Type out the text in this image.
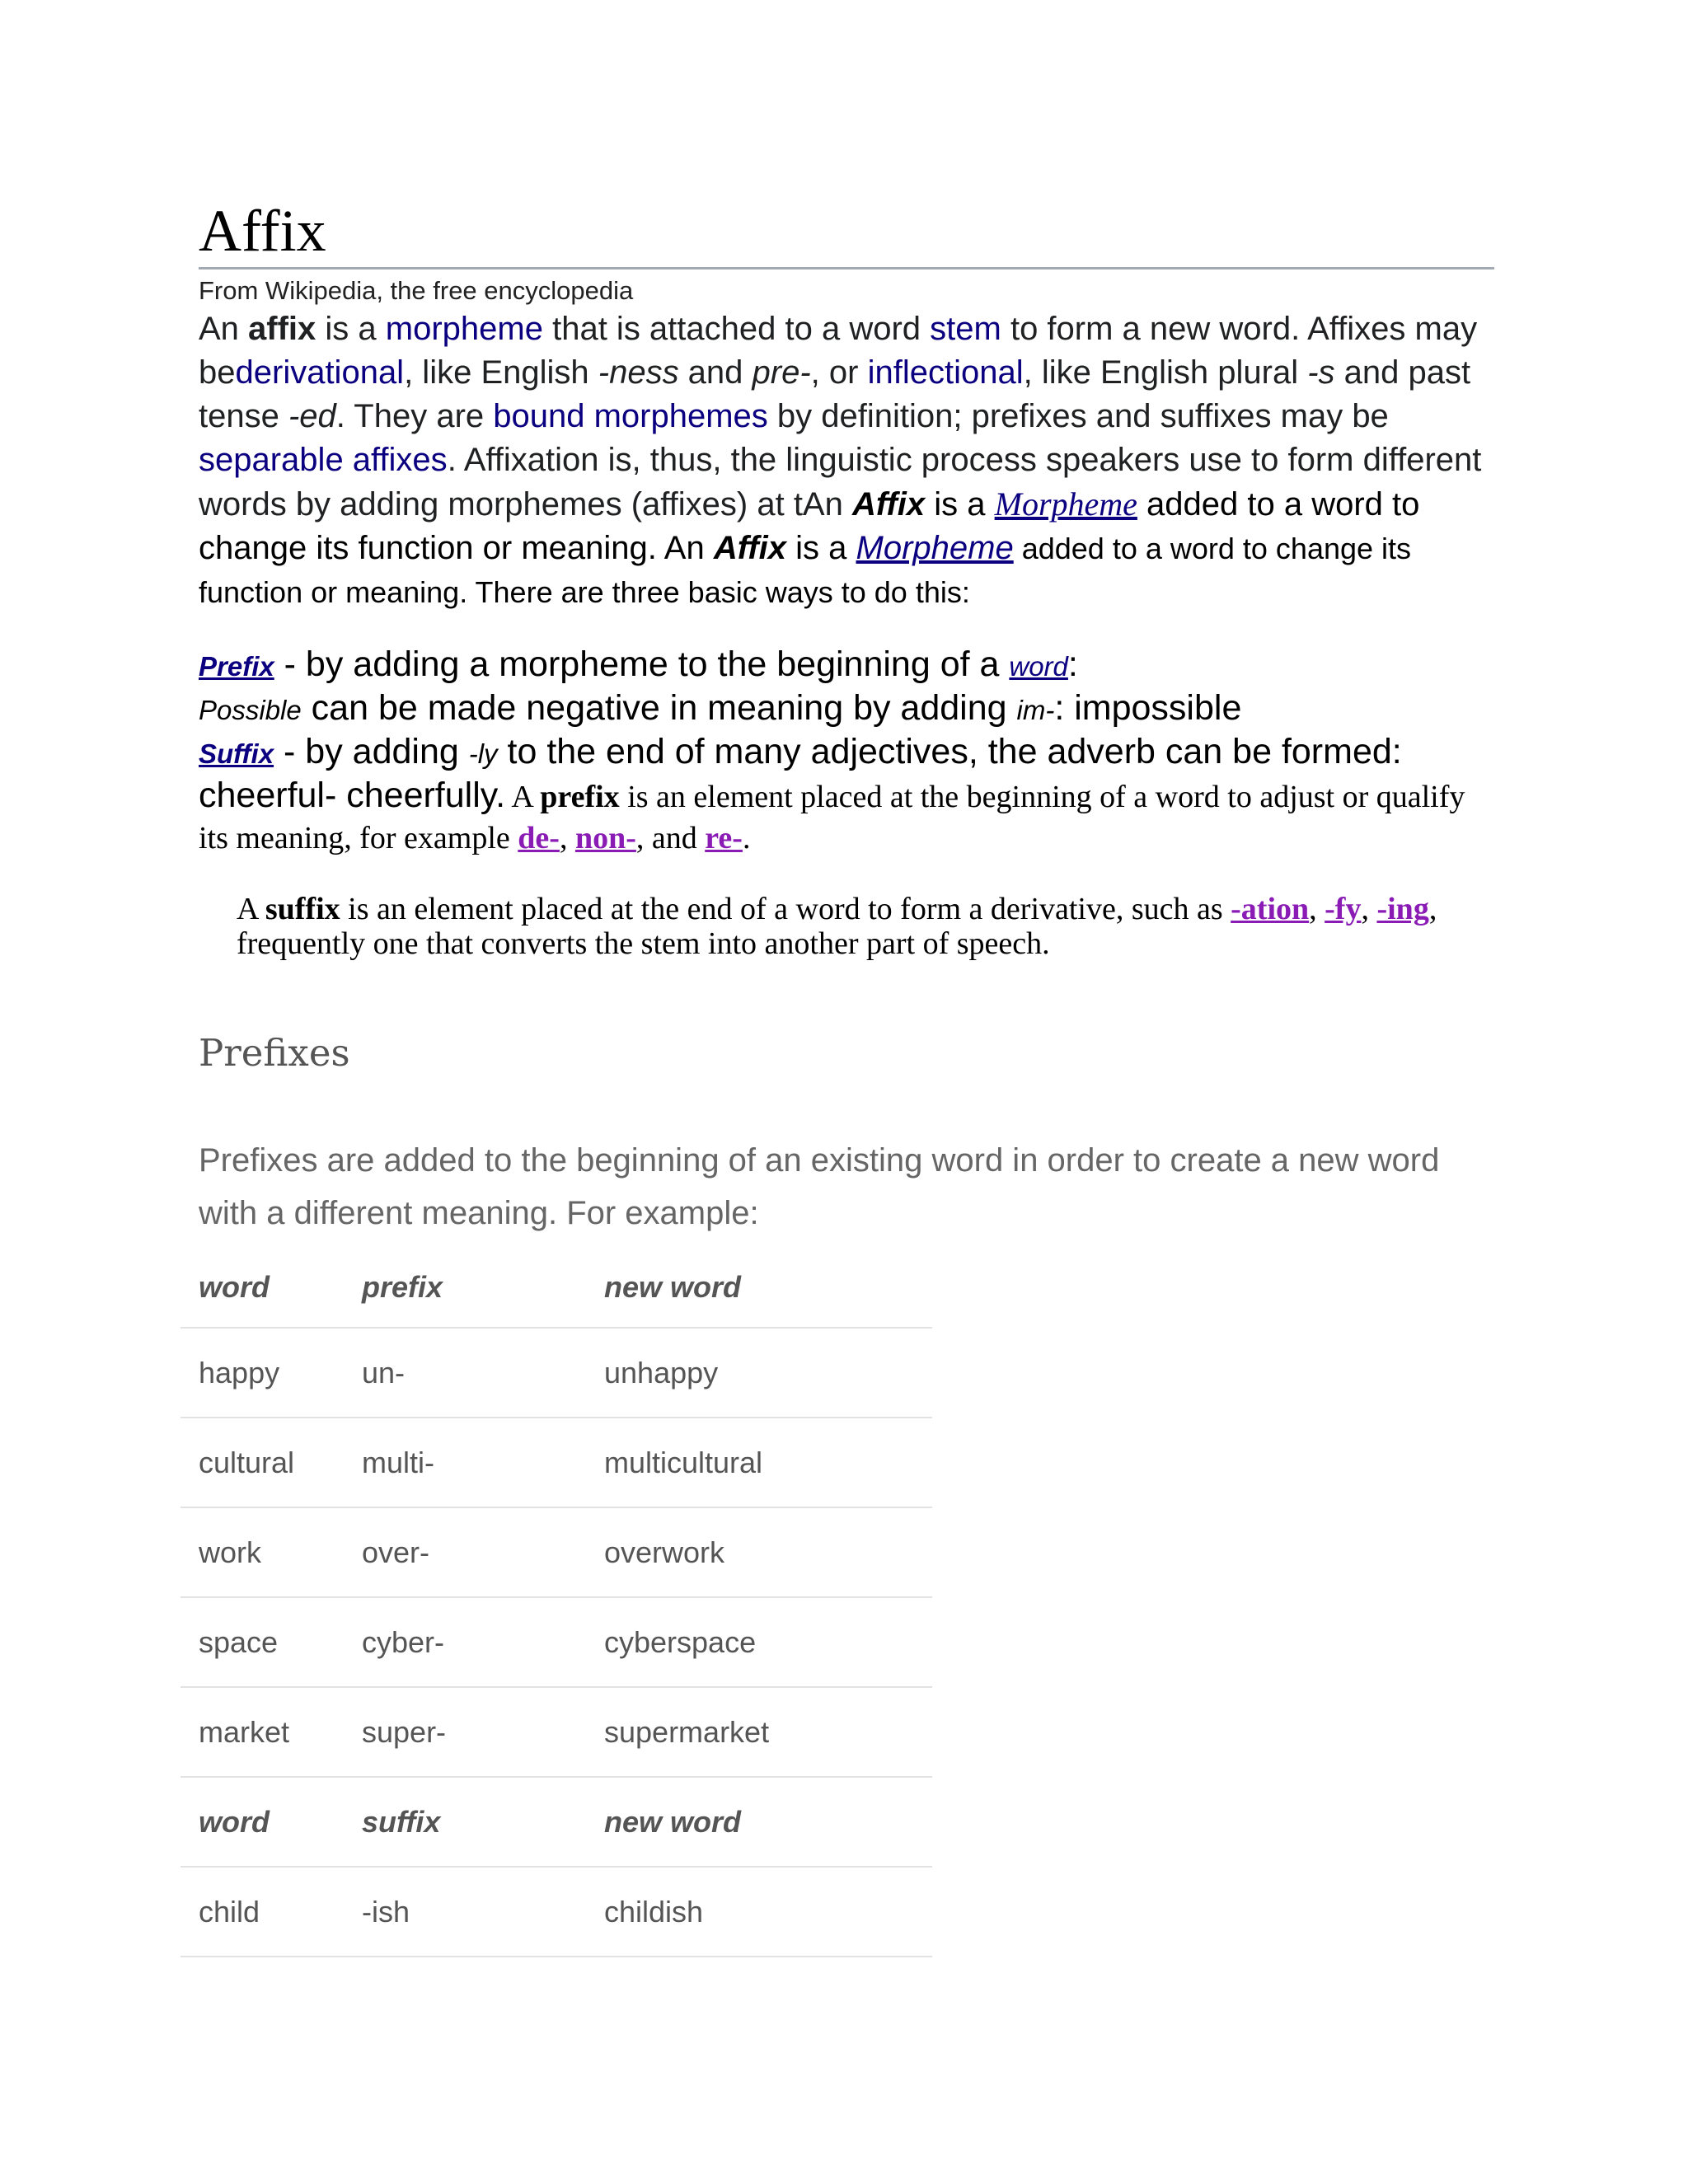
Affix
From Wikipedia, the free encyclopedia

An affix is a morpheme that is attached to a word stem to form a new word. Affixes may bederivational, like English -ness and pre-, or inflectional, like English plural -s and past tense -ed. They are bound morphemes by definition; prefixes and suffixes may be separable affixes. Affixation is, thus, the linguistic process speakers use to form different words by adding morphemes (affixes) at tAn Affix is a Morpheme added to a word to change its function or meaning. An Affix is a Morpheme added to a word to change its function or meaning. There are three basic ways to do this:

Prefix - by adding a morpheme to the beginning of a word:
Possible can be made negative in meaning by adding im-: impossible
Suffix - by adding -ly to the end of many adjectives, the adverb can be formed: cheerful- cheerfully. A prefix is an element placed at the beginning of a word to adjust or qualify its meaning, for example de-, non-, and re-.
A suffix is an element placed at the end of a word to form a derivative, such as -ation, -fy, -ing, frequently one that converts the stem into another part of speech.
Prefixes

Prefixes are added to the beginning of an existing word in order to create a new word with a different meaning. For example:

word	prefix	new word
happy	un-	unhappy
cultural	multi-	multicultural
work	over-	overwork
space	cyber-	cyberspace
market	super-	supermarket
word	suffix	new word
child	-ish	childish
